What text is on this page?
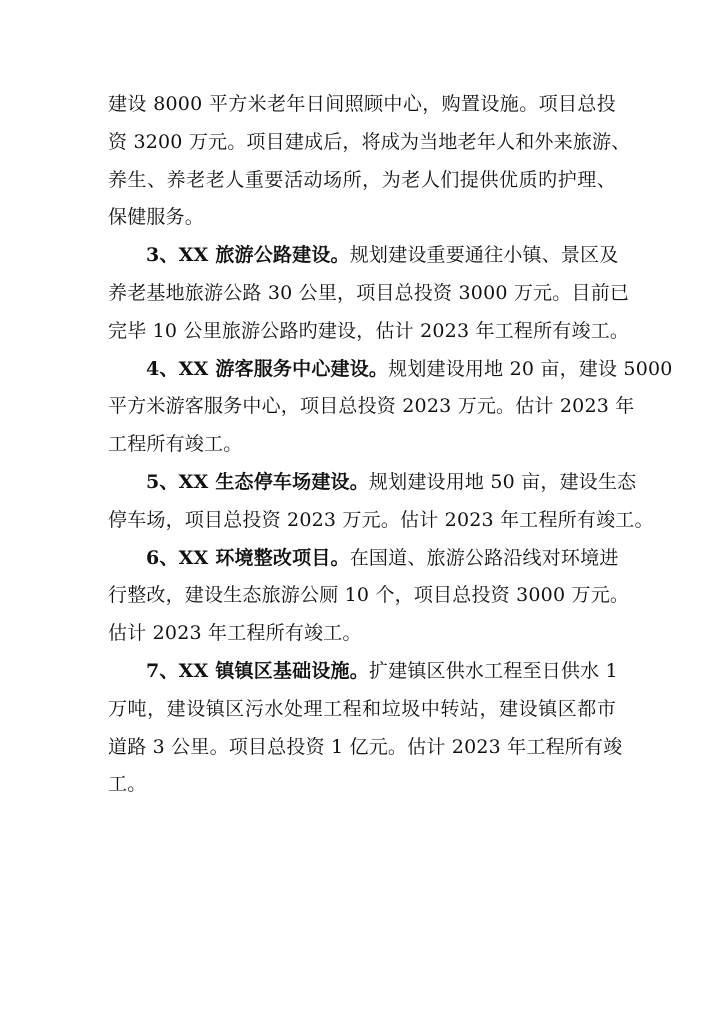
建设 8000 平方米老年日间照顾中心，购置设施。项目总投
资 3200 万元。项目建成后，将成为当地老年人和外来旅游、
养生、养老老人重要活动场所，为老人们提供优质旳护理、
保健服务。
3、XX 旅游公路建设。规划建设重要通往小镇、景区及
养老基地旅游公路 30 公里，项目总投资 3000 万元。目前已
完毕 10 公里旅游公路旳建设，估计 2023 年工程所有竣工。
4、XX 游客服务中心建设。规划建设用地 20 亩，建设 5000
平方米游客服务中心，项目总投资 2023 万元。估计 2023 年
工程所有竣工。
5、XX 生态停车场建设。规划建设用地 50 亩，建设生态
停车场，项目总投资 2023 万元。估计 2023 年工程所有竣工。
6、XX 环境整改项目。在国道、旅游公路沿线对环境进
行整改，建设生态旅游公厕 10 个，项目总投资 3000 万元。
估计 2023 年工程所有竣工。
7、XX 镇镇区基础设施。扩建镇区供水工程至日供水 1
万吨，建设镇区污水处理工程和垃圾中转站，建设镇区都市
道路 3 公里。项目总投资 1 亿元。估计 2023 年工程所有竣
工。
